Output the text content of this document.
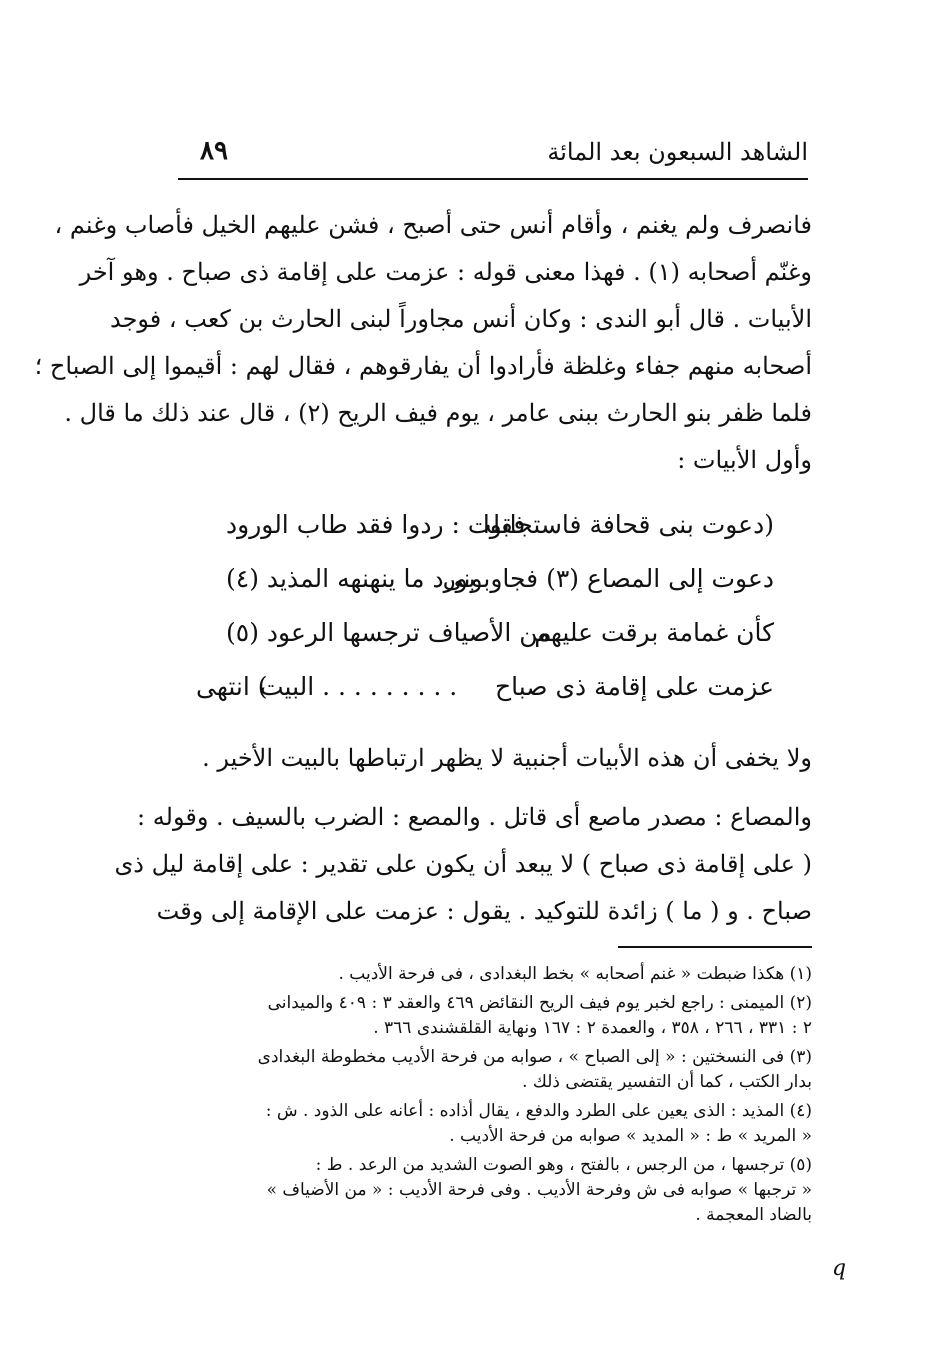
الشاهد السبعون بعد المائة
٨٩

فانصرف ولم يغنم ، وأقام أنس حتى أصبح ، فشن عليهم الخيل فأصاب وغنم ،
وغنّم أصحابه (١) . فهذا معنى قوله : عزمت على إقامة ذى صباح . وهو آخر
الأبيات . قال أبو الندى : وكان أنس مجاوراً لبنى الحارث بن كعب ، فوجد
أصحابه منهم جفاء وغلظة فأرادوا أن يفارقوهم ، فقال لهم : أقيموا إلى الصباح ؛
فلما ظفر بنو الحارث ببنى عامر ، يوم فيف الريح (٢) ، قال عند ذلك ما قال .
وأول الأبيات :

(دعوت بنى قحافة فاستجابوا
فقلت : ردوا فقد طاب الورود
دعوت إلى المصاع (٣) فجاوبونى
بورد ما ينهنهه المذيد (٤)
كأن غمامة برقت عليهم
من الأصياف ترجسها الرعود (٥)
عزمت على إقامة ذى صباح
. . . . . . . . . البيت
) انتهى
ولا يخفى أن هذه الأبيات أجنبية لا يظهر ارتباطها بالبيت الأخير .

والمصاع : مصدر ماصع أى قاتل . والمصع : الضرب بالسيف . وقوله :
( على إقامة ذى صباح ) لا يبعد أن يكون على تقدير : على إقامة ليل ذى
صباح . و ( ما ) زائدة للتوكيد . يقول : عزمت على الإقامة إلى وقت

(١) هكذا ضبطت « غنم أصحابه » بخط البغدادى ، فى فرحة الأديب .

(٢) الميمنى : راجع لخبر يوم فيف الريح النقائض ٤٦٩ والعقد ٣ : ٤٠٩ والميدانى
٢ : ٣٣١ ، ٢٦٦ ، ٣٥٨ ، والعمدة ٢ : ١٦٧ ونهاية القلقشندى ٣٦٦ .

(٣) فى النسختين : « إلى الصباح » ، صوابه من فرحة الأديب مخطوطة البغدادى
بدار الكتب ، كما أن التفسير يقتضى ذلك .

(٤) المذيد : الذى يعين على الطرد والدفع ، يقال أذاده : أعانه على الذود . ش :
« المريد » ط : « المديد » صوابه من فرحة الأديب .

(٥) ترجسها ، من الرجس ، بالفتح ، وهو الصوت الشديد من الرعد . ط :
« ترجبها » صوابه فى ش وفرحة الأديب . وفى فرحة الأديب : « من الأضياف »
بالضاد المعجمة .

q
